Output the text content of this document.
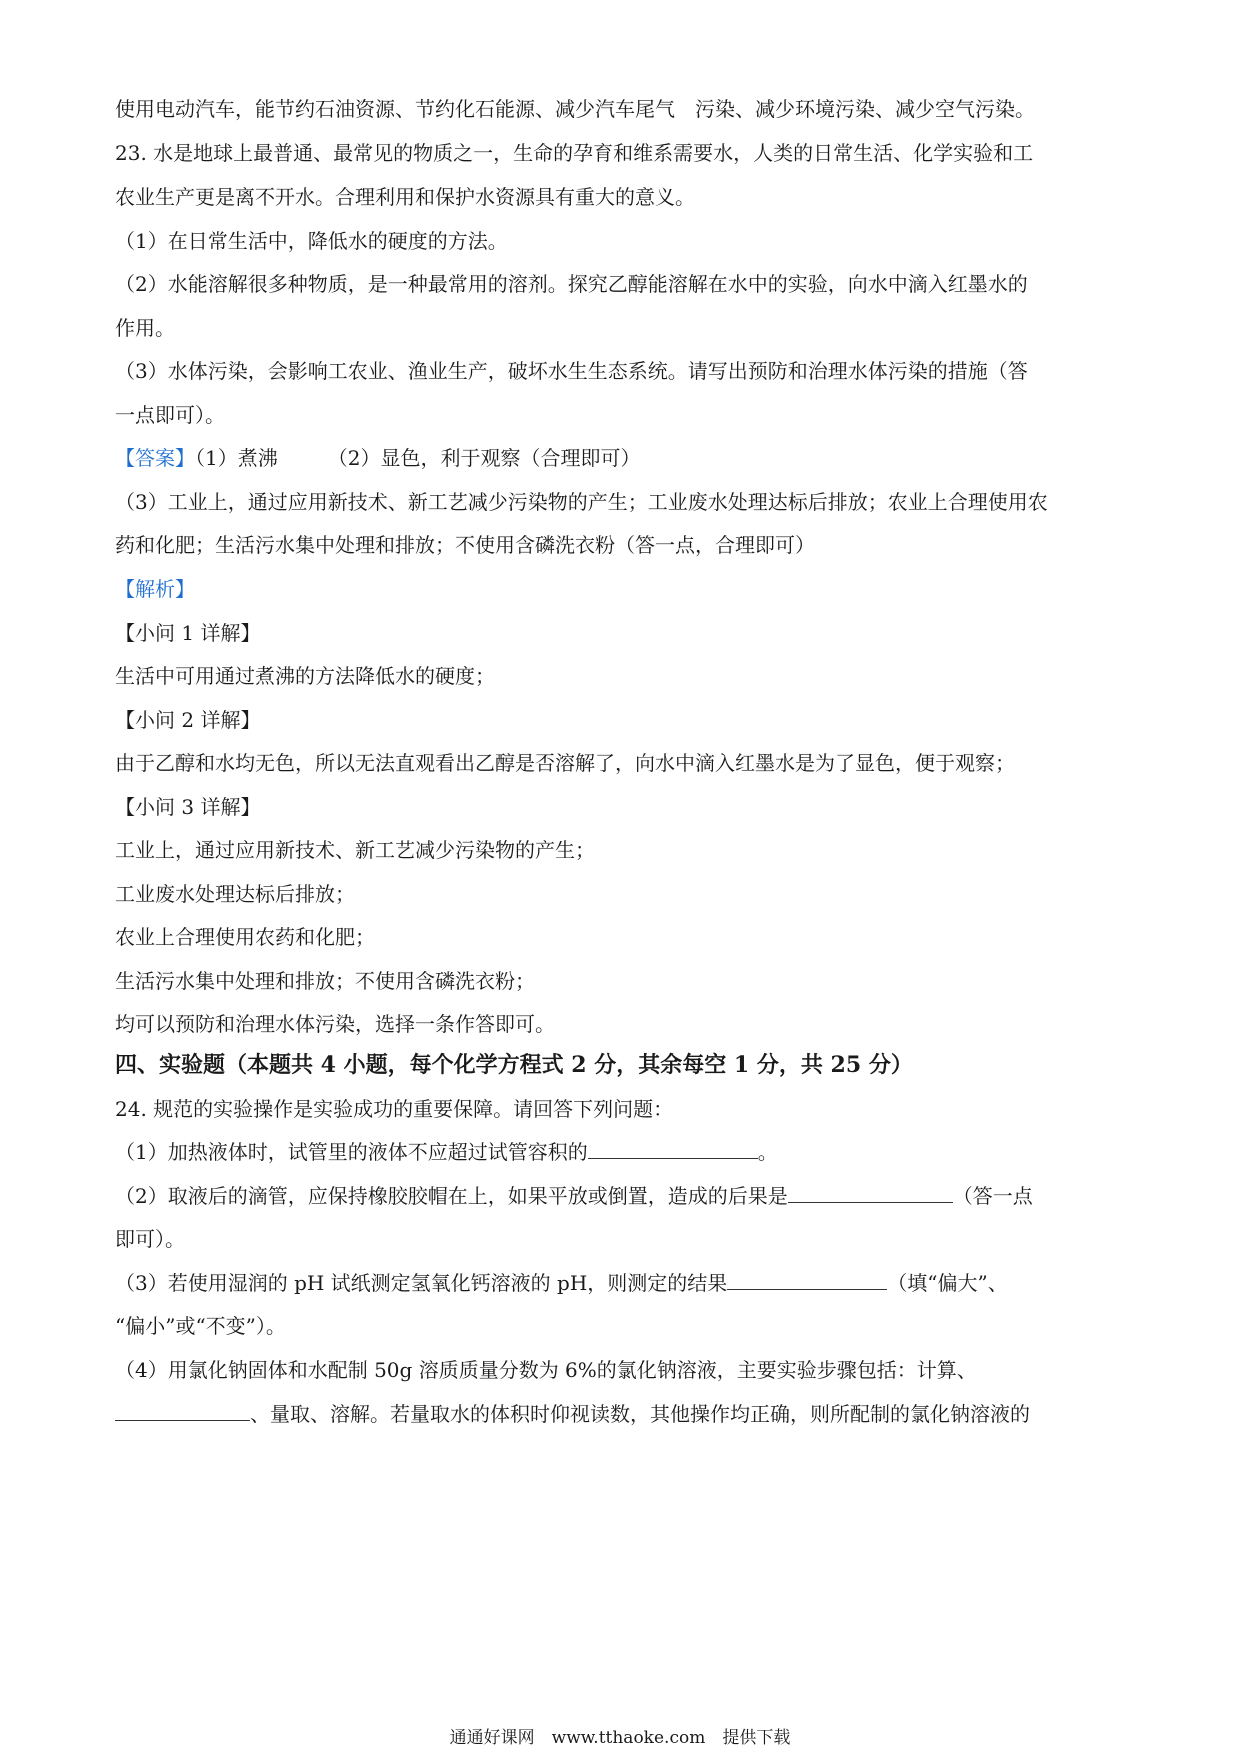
使用电动汽车，能节约石油资源、节约化石能源、减少汽车尾气　污染、减少环境污染、减少空气污染。
23. 水是地球上最普通、最常见的物质之一，生命的孕育和维系需要水，人类的日常生活、化学实验和工
农业生产更是离不开水。合理利用和保护水资源具有重大的意义。
（1）在日常生活中，降低水的硬度的方法。
（2）水能溶解很多种物质，是一种最常用的溶剂。探究乙醇能溶解在水中的实验，向水中滴入红墨水的
作用。
（3）水体污染，会影响工农业、渔业生产，破坏水生生态系统。请写出预防和治理水体污染的措施（答
一点即可）。
【答案】（1）煮沸　　　（2）显色，利于观察（合理即可）
（3）工业上，通过应用新技术、新工艺减少污染物的产生；工业废水处理达标后排放；农业上合理使用农
药和化肥；生活污水集中处理和排放；不使用含磷洗衣粉（答一点，合理即可）
【解析】
【小问 1 详解】
生活中可用通过煮沸的方法降低水的硬度；
【小问 2 详解】
由于乙醇和水均无色，所以无法直观看出乙醇是否溶解了，向水中滴入红墨水是为了显色，便于观察；
【小问 3 详解】
工业上，通过应用新技术、新工艺减少污染物的产生；
工业废水处理达标后排放；
农业上合理使用农药和化肥；
生活污水集中处理和排放；不使用含磷洗衣粉；
均可以预防和治理水体污染，选择一条作答即可。
四、实验题（本题共 4 小题，每个化学方程式 2 分，其余每空 1 分，共 25 分）
24. 规范的实验操作是实验成功的重要保障。请回答下列问题：
（1）加热液体时，试管里的液体不应超过试管容积的	。
（2）取液后的滴管，应保持橡胶胶帽在上，如果平放或倒置，造成的后果是	（答一点
即可）。
（3）若使用湿润的 pH 试纸测定氢氧化钙溶液的 pH，则测定的结果	（填“偏大”、
“偏小”或“不变”）。
（4）用氯化钠固体和水配制 50g 溶质质量分数为 6%的氯化钠溶液，主要实验步骤包括：计算、
、量取、溶解。若量取水的体积时仰视读数，其他操作均正确，则所配制的氯化钠溶液的
通通好课网　www.tthaoke.com　提供下载
